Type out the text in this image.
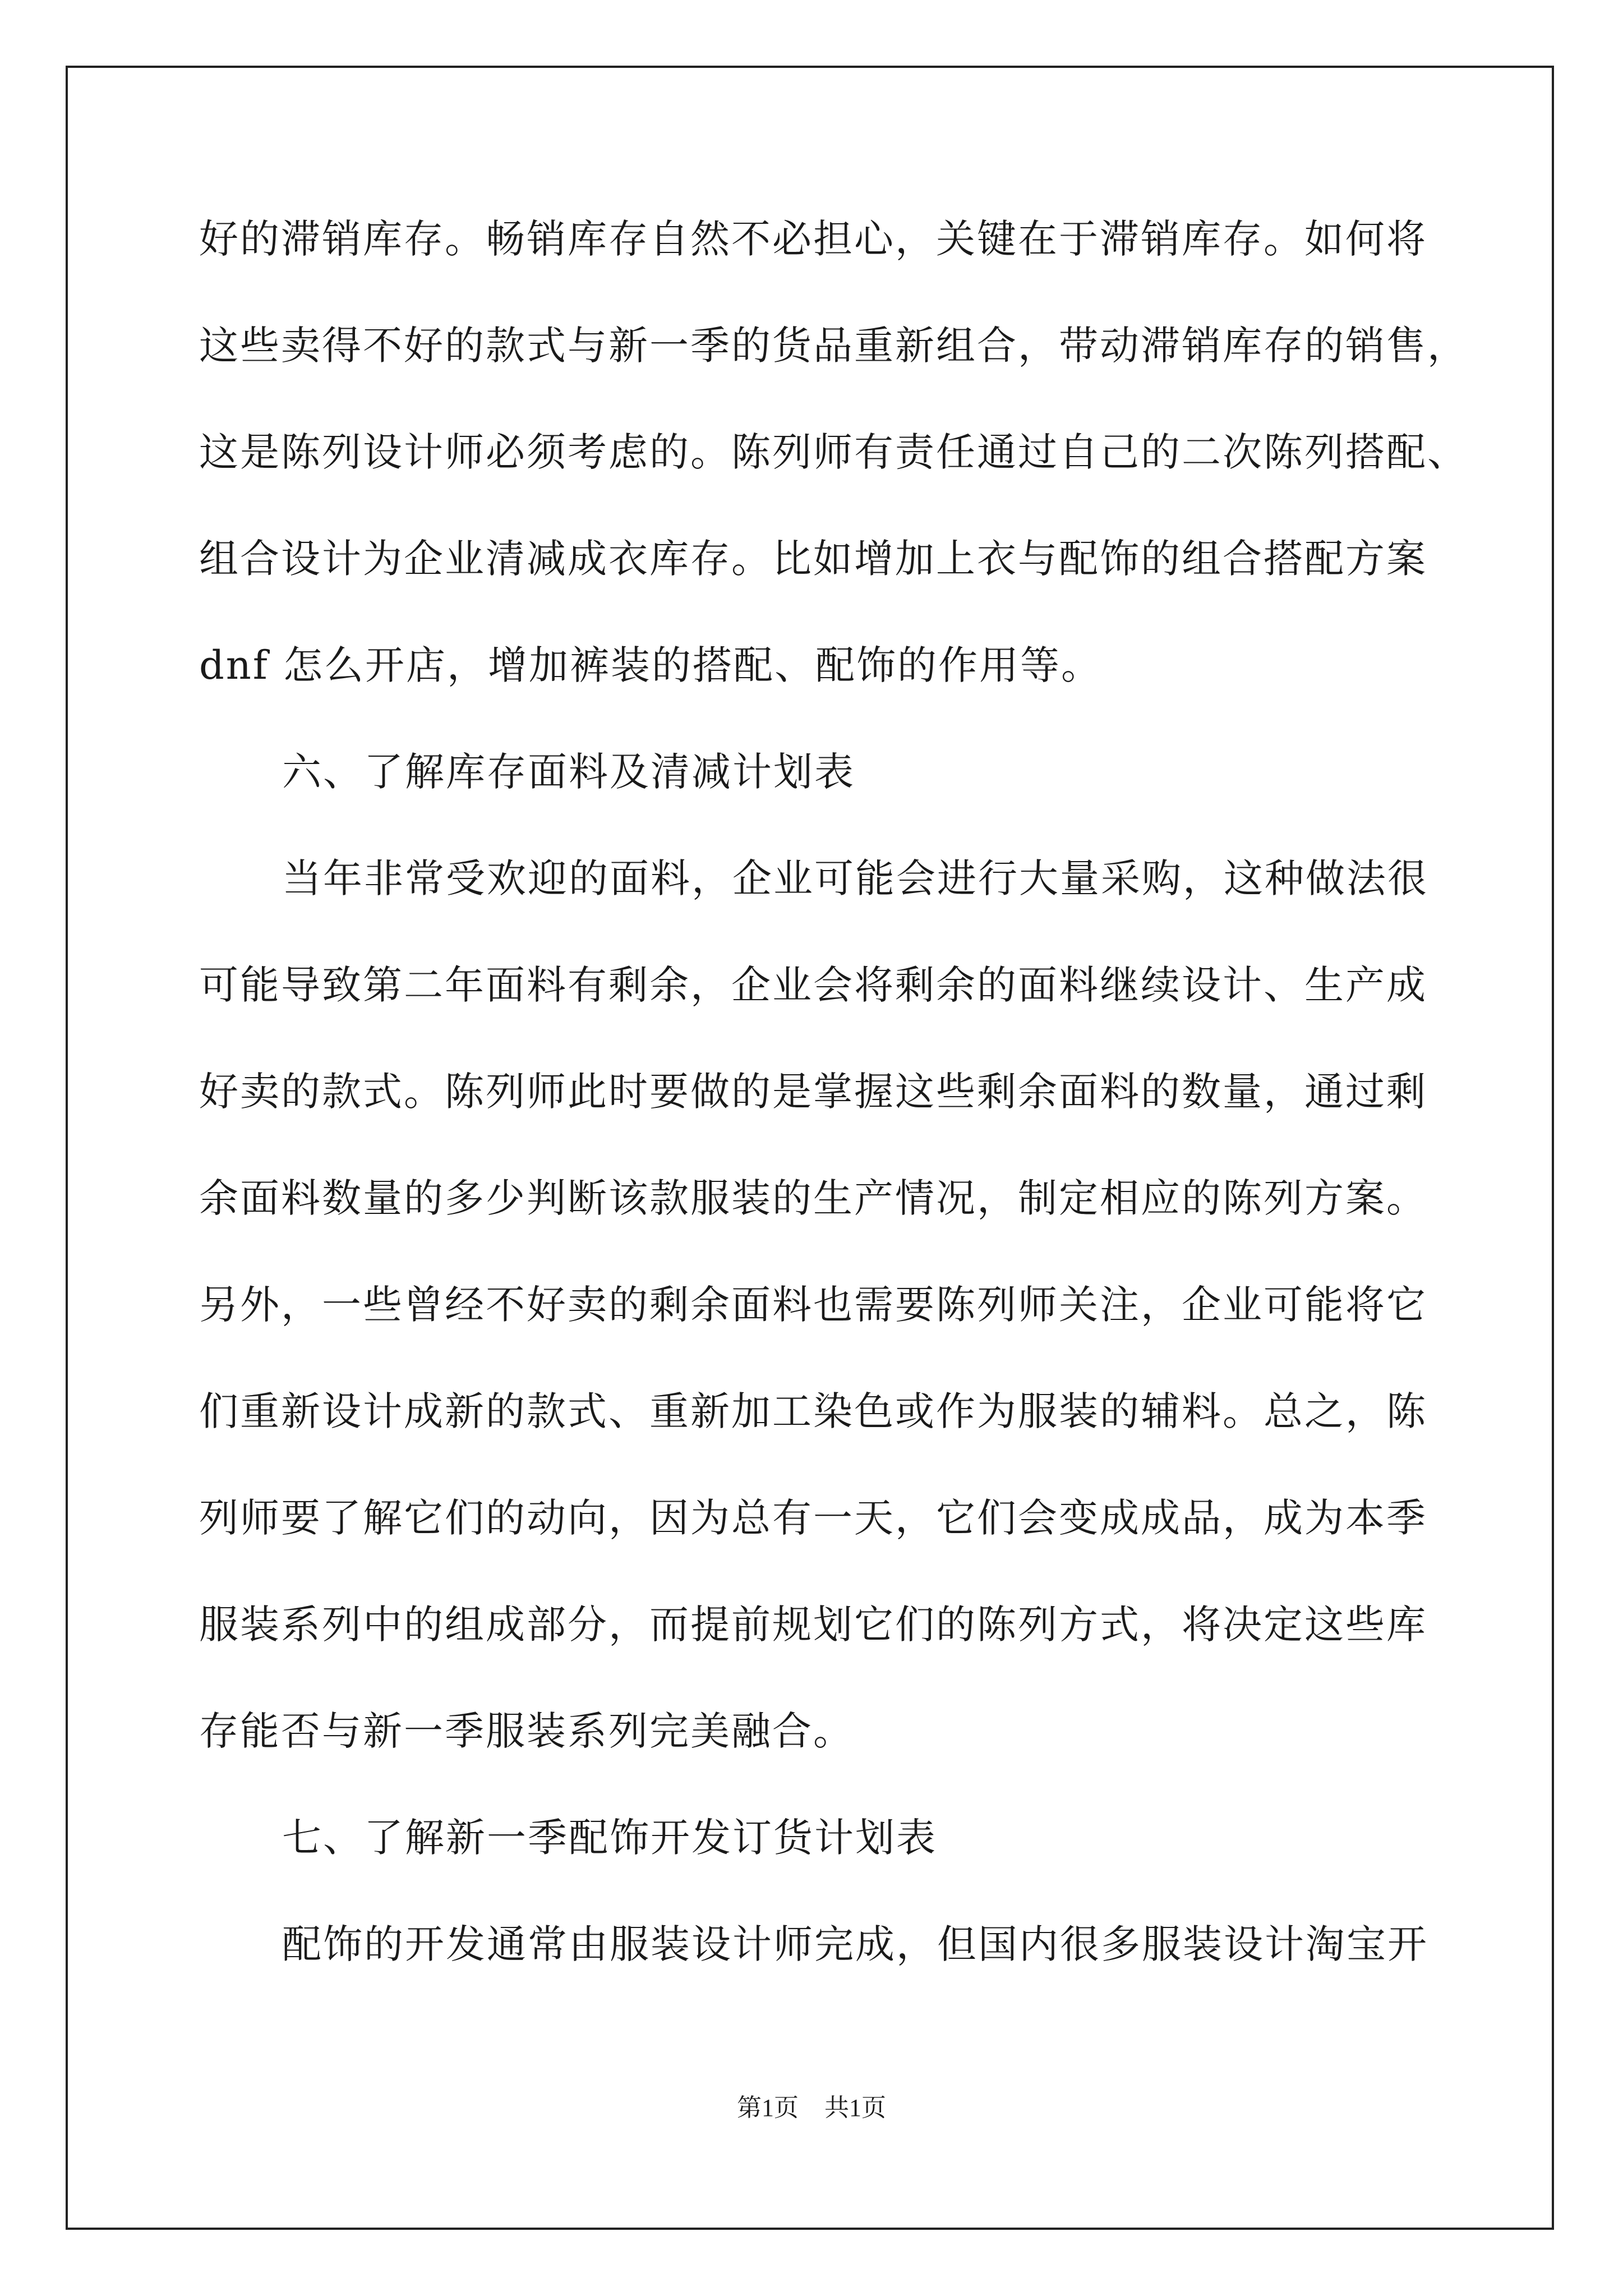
好的滞销库存。畅销库存自然不必担心，关键在于滞销库存。如何将
这些卖得不好的款式与新一季的货品重新组合，带动滞销库存的销售，
这是陈列设计师必须考虑的。陈列师有责任通过自己的二次陈列搭配、
组合设计为企业清减成衣库存。比如增加上衣与配饰的组合搭配方案
dnf 怎么开店，增加裤装的搭配、配饰的作用等。
六、了解库存面料及清减计划表
当年非常受欢迎的面料，企业可能会进行大量采购，这种做法很
可能导致第二年面料有剩余，企业会将剩余的面料继续设计、生产成
好卖的款式。陈列师此时要做的是掌握这些剩余面料的数量，通过剩
余面料数量的多少判断该款服装的生产情况，制定相应的陈列方案。
另外，一些曾经不好卖的剩余面料也需要陈列师关注，企业可能将它
们重新设计成新的款式、重新加工染色或作为服装的辅料。总之，陈
列师要了解它们的动向，因为总有一天，它们会变成成品，成为本季
服装系列中的组成部分，而提前规划它们的陈列方式，将决定这些库
存能否与新一季服装系列完美融合。
七、了解新一季配饰开发订货计划表
配饰的开发通常由服装设计师完成，但国内很多服装设计淘宝开
第1页 共1页
